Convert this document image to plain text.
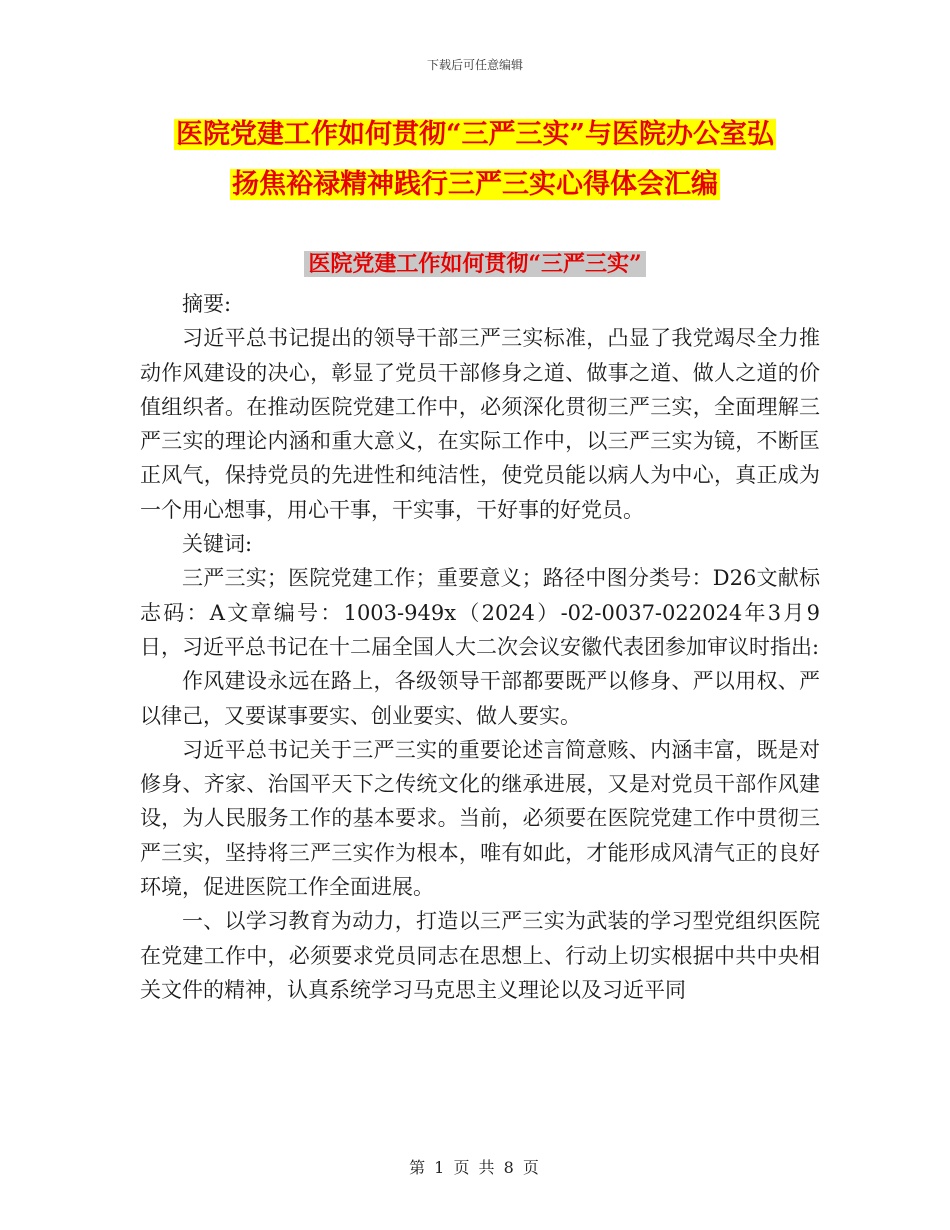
下载后可任意编辑
医院党建工作如何贯彻“三严三实”与医院办公室弘
扬焦裕禄精神践行三严三实心得体会汇编
医院党建工作如何贯彻“三严三实”

摘要:

习近平总书记提出的领导干部三严三实标准，凸显了我党竭尽全力推动作风建设的决心，彰显了党员干部修身之道、做事之道、做人之道的价值组织者。在推动医院党建工作中，必须深化贯彻三严三实，全面理解三严三实的理论内涵和重大意义，在实际工作中，以三严三实为镜，不断匡正风气，保持党员的先进性和纯洁性，使党员能以病人为中心，真正成为一个用心想事，用心干事，干实事，干好事的好党员。

关键词:

三严三实；医院党建工作；重要意义；路径中图分类号：D26文献标志码：A文章编号：1003-949x（2024）-02-0037-022024年3月9日，习近平总书记在十二届全国人大二次会议安徽代表团参加审议时指出:

作风建设永远在路上，各级领导干部都要既严以修身、严以用权、严以律己，又要谋事要实、创业要实、做人要实。

习近平总书记关于三严三实的重要论述言简意赅、内涵丰富，既是对修身、齐家、治国平天下之传统文化的继承进展，又是对党员干部作风建设，为人民服务工作的基本要求。当前，必须要在医院党建工作中贯彻三严三实，坚持将三严三实作为根本，唯有如此，才能形成风清气正的良好环境，促进医院工作全面进展。

一、以学习教育为动力，打造以三严三实为武装的学习型党组织医院在党建工作中，必须要求党员同志在思想上、行动上切实根据中共中央相关文件的精神，认真系统学习马克思主义理论以及习近平同

第 1 页 共 8 页
